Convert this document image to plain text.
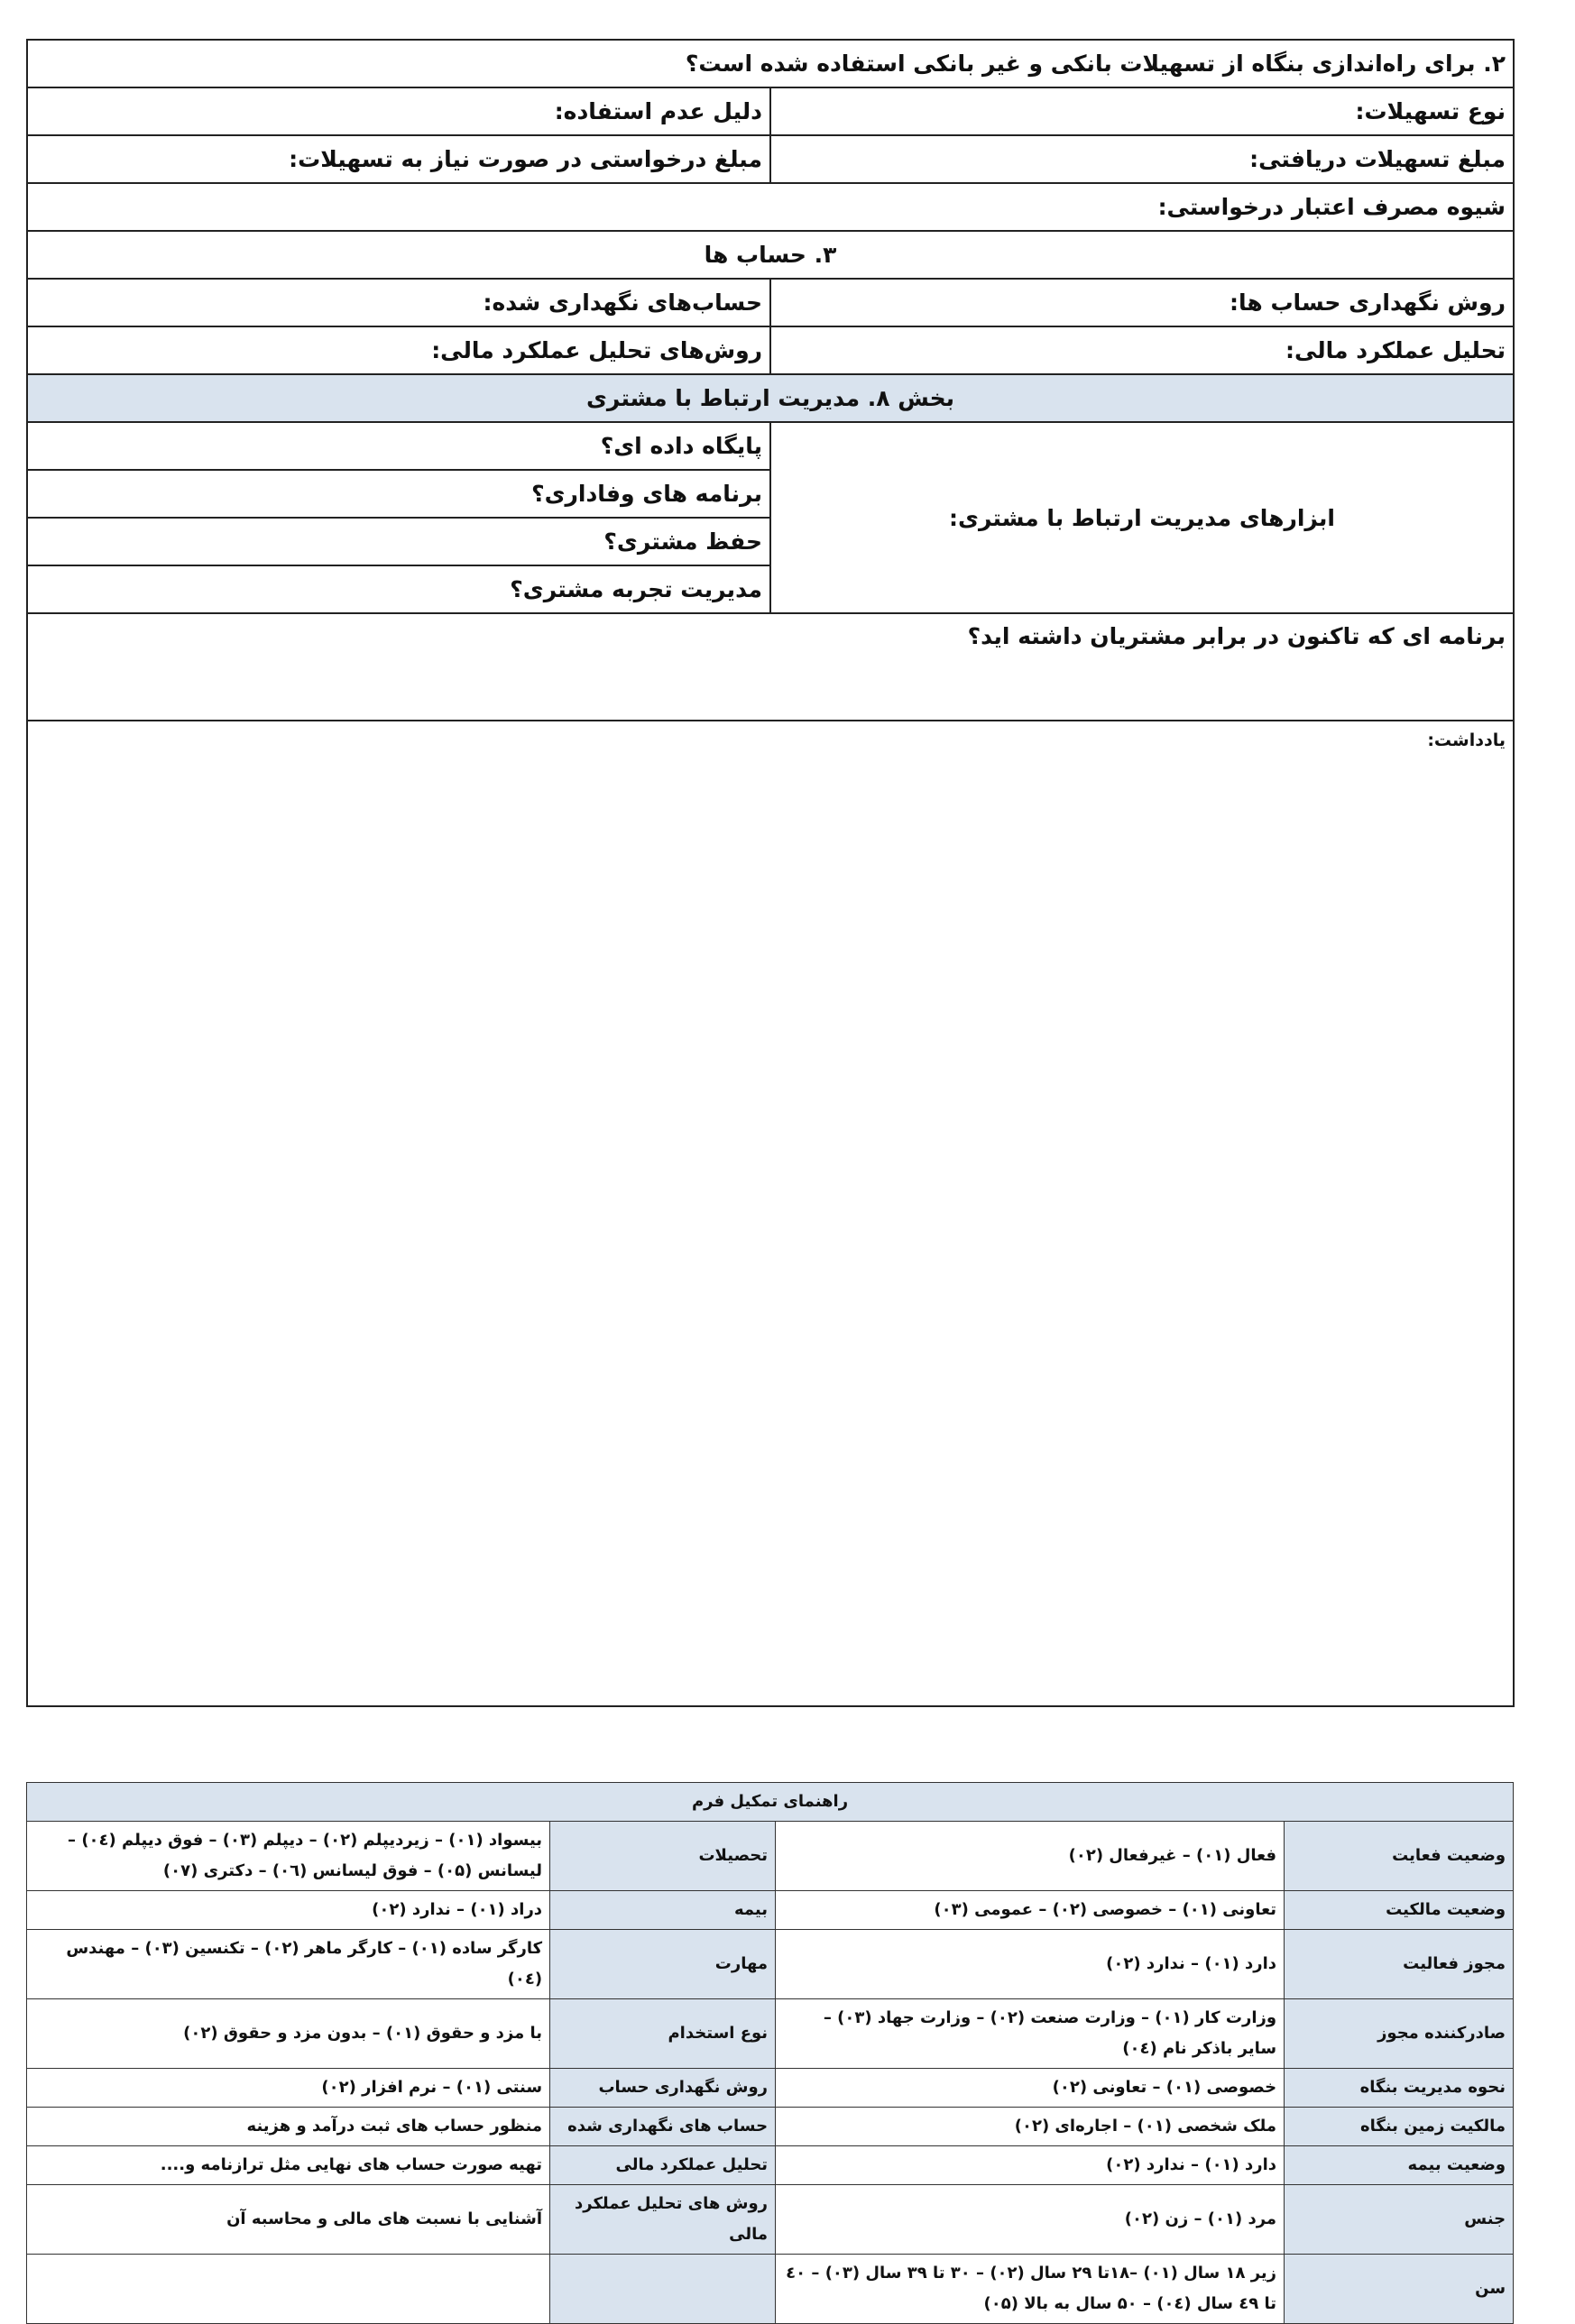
۲. برای راه‌اندازی بنگاه از تسهیلات بانکی و غیر بانکی استفاده شده است؟	
نوع تسهیلات:	دلیل عدم استفاده:
مبلغ تسهیلات دریافتی:	مبلغ درخواستی در صورت نیاز به تسهیلات:
شیوه مصرف اعتبار درخواستی:	
۳. حساب ها	
روش نگهداری حساب ها:	حساب‌های نگهداری شده:
تحلیل عملکرد مالی:	روش‌های تحلیل عملکرد مالی:
بخش ۸. مدیریت ارتباط با مشتری	
ابزارهای مدیریت ارتباط با مشتری:	پایگاه داده ای؟
	برنامه های وفاداری؟
	حفظ مشتری؟
	مدیریت تجربه مشتری؟
برنامه ای که تاکنون در برابر مشتریان داشته اید؟	
یادداشت:	
راهنمای تمکیل فرم			
وضعیت فعایت	فعال (۰۱) – غیرفعال (۰۲)	تحصیلات	بیسواد (۰۱) – زیردیپلم (۰۲) – دیپلم (۰۳) – فوق دیپلم (۰٤) – لیسانس (۰۵) – فوق لیسانس (۰٦) – دکتری (۰۷)
وضعیت مالکیت	تعاونی (۰۱) – خصوصی (۰۲) – عمومی (۰۳)	بیمه	دراد (۰۱) – ندارد (۰۲)
مجوز فعالیت	دارد (۰۱) – ندارد (۰۲)	مهارت	کارگر ساده (۰۱) – کارگر ماهر (۰۲) – تکنسین (۰۳) – مهندس (۰٤)
صادرکننده مجوز	وزارت کار (۰۱) – وزارت صنعت (۰۲) – وزارت جهاد (۰۳) – سایر باذکر نام (۰٤)	نوع استخدام	با مزد و حقوق (۰۱) – بدون مزد و حقوق (۰۲)
نحوه مدیریت بنگاه	خصوصی (۰۱) – تعاونی (۰۲)	روش نگهداری حساب	سنتی (۰۱) – نرم افزار (۰۲)
مالکیت زمین بنگاه	ملک شخصی (۰۱) – اجاره‌ای (۰۲)	حساب های نگهداری شده	منظور حساب های ثبت درآمد و هزینه
وضعیت بیمه	دارد (۰۱) – ندارد (۰۲)	تحلیل عملکرد مالی	تهیه صورت حساب های نهایی مثل ترازنامه و....
جنس	مرد (۰۱) – زن (۰۲)	روش های تحلیل عملکرد مالی	آشنایی با نسبت های مالی و محاسبه آن
سن	زیر ۱۸ سال (۰۱) –۱۸تا ۲۹ سال (۰۲) – ۳۰ تا ۳۹ سال (۰۳) – ٤۰ تا ٤۹ سال (۰٤) – ۵۰ سال به بالا (۰۵)		
